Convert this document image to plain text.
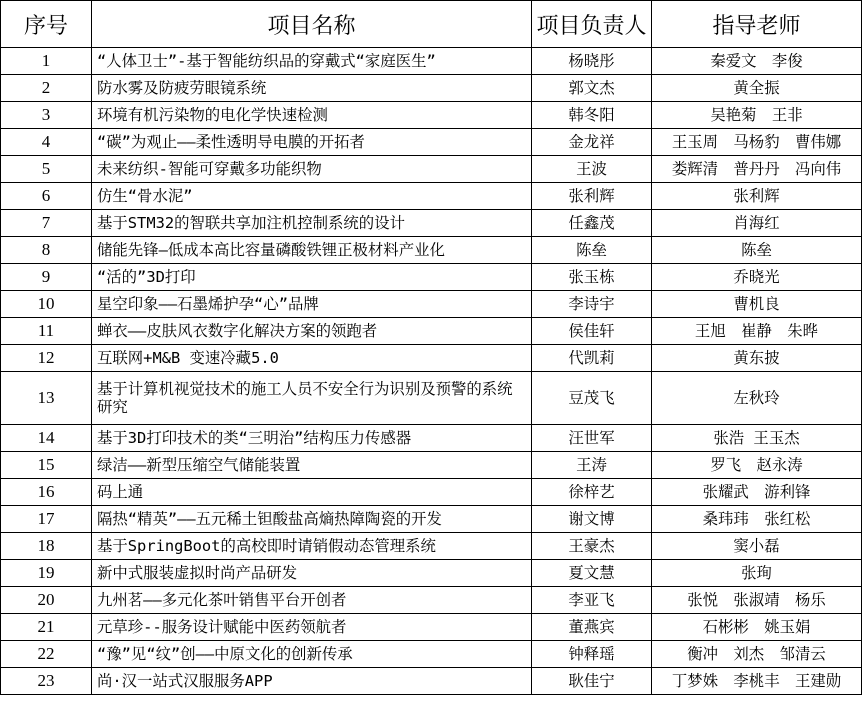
序号	项目名称	项目负责人	指导老师
1	“人体卫士”-基于智能纺织品的穿戴式“家庭医生”	杨晓彤	秦爱文　李俊
2	防水雾及防疲劳眼镜系统	郭文杰	黄全振
3	环境有机污染物的电化学快速检测	韩冬阳	吴艳菊　王非
4	“碳”为观止——柔性透明导电膜的开拓者	金龙祥	王玉周　马杨豹　曹伟娜
5	未来纺织-智能可穿戴多功能织物	王波	娄辉清　普丹丹　冯向伟
6	仿生“骨水泥”	张利辉	张利辉
7	基于STM32的智联共享加注机控制系统的设计	任鑫茂	肖海红
8	储能先锋—低成本高比容量磷酸铁锂正极材料产业化	陈垒	陈垒
9	“活的”3D打印	张玉栋	乔晓光
10	星空印象——石墨烯护孕“心”品牌	李诗宇	曹机良
11	蝉衣——皮肤风衣数字化解决方案的领跑者	侯佳轩	王旭　崔静　朱晔
12	互联网+M&B 变速冷藏5.0	代凯莉	黄东披
13	基于计算机视觉技术的施工人员不安全行为识别及预警的系统研究	豆茂飞	左秋玲
14	基于3D打印技术的类“三明治”结构压力传感器	汪世军	张浩 王玉杰
15	绿洁——新型压缩空气储能装置	王涛	罗飞　赵永涛
16	码上通	徐梓艺	张耀武　游利锋
17	隔热“精英”——五元稀土钽酸盐高熵热障陶瓷的开发	谢文博	桑玮玮　张红松
18	基于SpringBoot的高校即时请销假动态管理系统	王豪杰	窦小磊
19	新中式服装虚拟时尚产品研发	夏文慧	张珣
20	九州茗——多元化茶叶销售平台开创者	李亚飞	张悦　张淑靖　杨乐
21	元草珍--服务设计赋能中医药领航者	董燕宾	石彬彬　姚玉娟
22	“豫”见“纹”创——中原文化的创新传承	钟释瑶	衡冲　刘杰　邹清云
23	尚·汉一站式汉服服务APP	耿佳宁	丁梦姝　李桃丰　王建勋
